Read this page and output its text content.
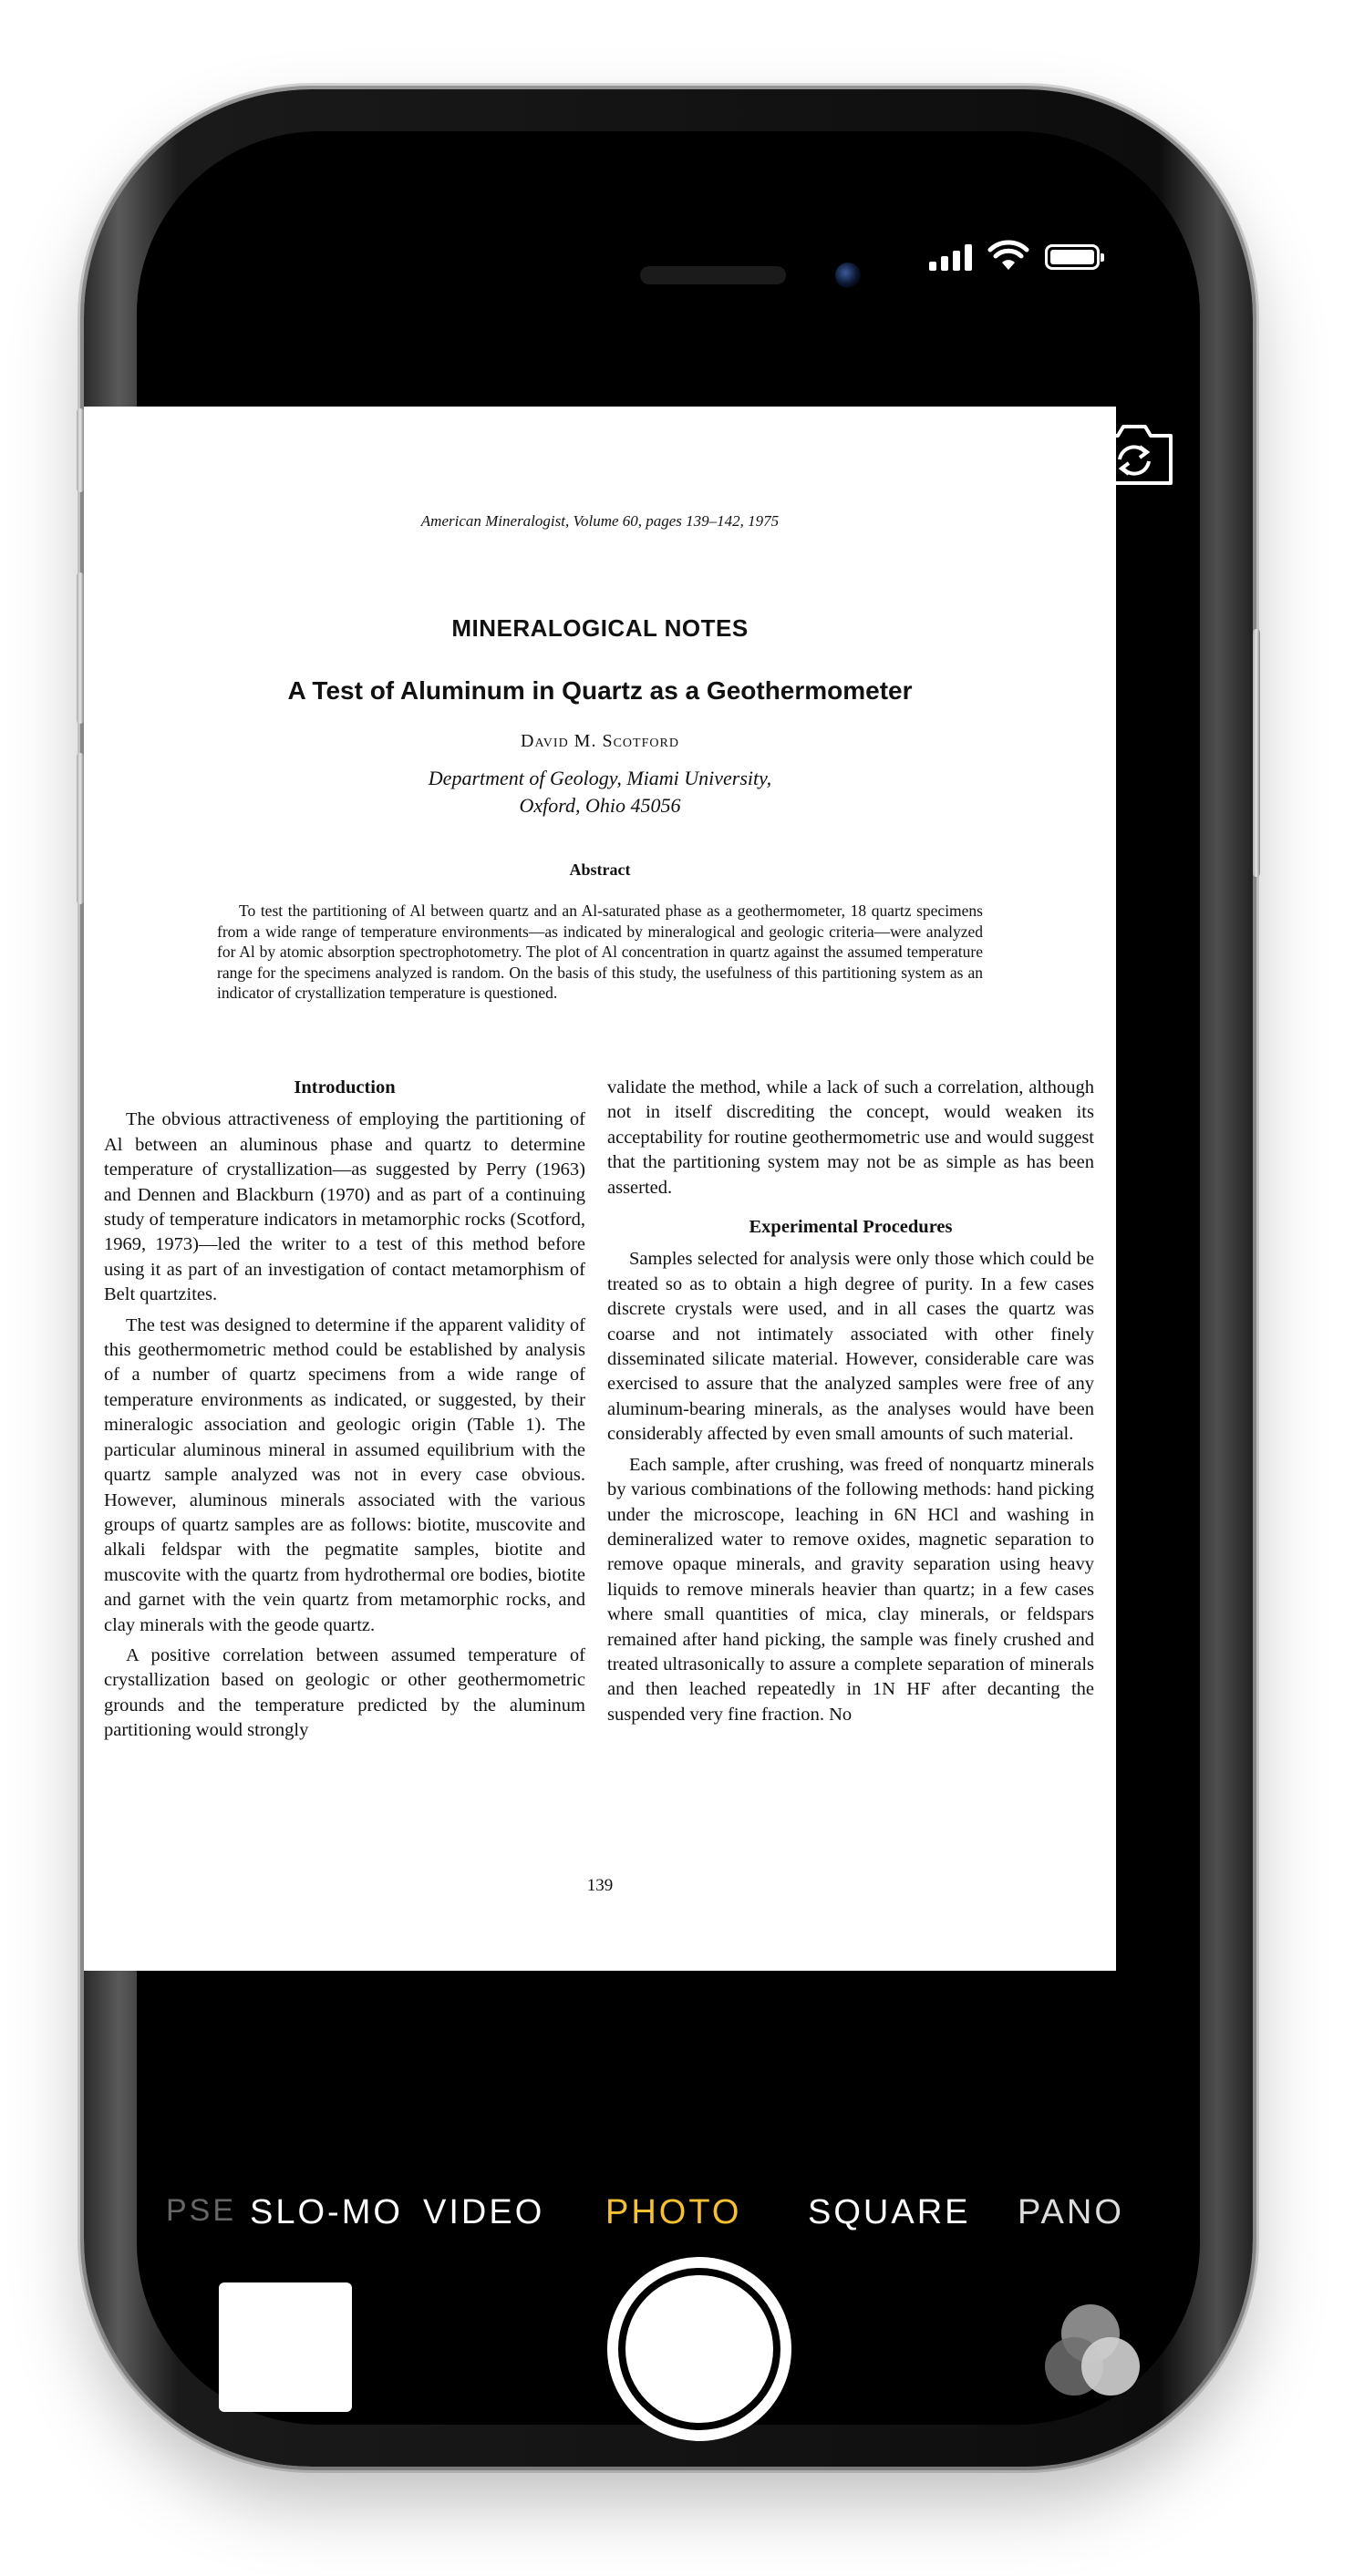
PSE SLO-MO VIDEO PHOTO SQUARE PANO
American Mineralogist, Volume 60, pages 139–142, 1975
MINERALOGICAL NOTES
A Test of Aluminum in Quartz as a Geothermometer
David M. Scotford
Department of Geology, Miami University,
Oxford, Ohio 45056
Abstract
To test the partitioning of Al between quartz and an Al-saturated phase as a geothermometer, 18 quartz specimens from a wide range of temperature environments—as indicated by mineralogical and geologic criteria—were analyzed for Al by atomic absorption spectrophotometry. The plot of Al concentration in quartz against the assumed temperature range for the specimens analyzed is random. On the basis of this study, the usefulness of this partitioning system as an indicator of crystallization temperature is questioned.
Introduction

The obvious attractiveness of employing the partitioning of Al between an aluminous phase and quartz to determine temperature of crystallization—as suggested by Perry (1963) and Dennen and Blackburn (1970) and as part of a continuing study of temperature indicators in metamorphic rocks (Scotford, 1969, 1973)—led the writer to a test of this method before using it as part of an investigation of contact metamorphism of Belt quartzites.

The test was designed to determine if the apparent validity of this geothermometric method could be established by analysis of a number of quartz specimens from a wide range of temperature environments as indicated, or suggested, by their mineralogic association and geologic origin (Table 1). The particular aluminous mineral in assumed equilibrium with the quartz sample analyzed was not in every case obvious. However, aluminous minerals associated with the various groups of quartz samples are as follows: biotite, muscovite and alkali feldspar with the pegmatite samples, biotite and muscovite with the quartz from hydrothermal ore bodies, biotite and garnet with the vein quartz from metamorphic rocks, and clay minerals with the geode quartz.

A positive correlation between assumed temperature of crystallization based on geologic or other geothermometric grounds and the temperature predicted by the aluminum partitioning would strongly

validate the method, while a lack of such a correlation, although not in itself discrediting the concept, would weaken its acceptability for routine geothermometric use and would suggest that the partitioning system may not be as simple as has been asserted.

Experimental Procedures

Samples selected for analysis were only those which could be treated so as to obtain a high degree of purity. In a few cases discrete crystals were used, and in all cases the quartz was coarse and not intimately associated with other finely disseminated silicate material. However, considerable care was exercised to assure that the analyzed samples were free of any aluminum-bearing minerals, as the analyses would have been considerably affected by even small amounts of such material.

Each sample, after crushing, was freed of nonquartz minerals by various combinations of the following methods: hand picking under the microscope, leaching in 6N HCl and washing in demineralized water to remove oxides, magnetic separation to remove opaque minerals, and gravity separation using heavy liquids to remove minerals heavier than quartz; in a few cases where small quantities of mica, clay minerals, or feldspars remained after hand picking, the sample was finely crushed and treated ultrasonically to assure a complete separation of minerals and then leached repeatedly in 1N HF after decanting the suspended very fine fraction. No

139
